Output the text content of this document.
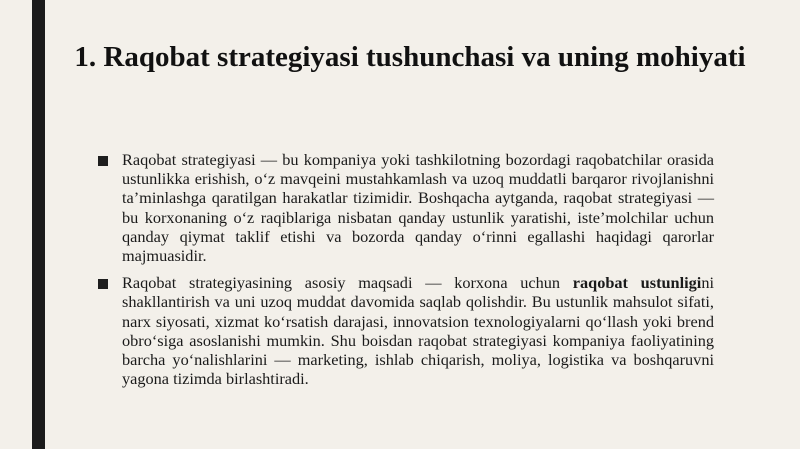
1. Raqobat strategiyasi tushunchasi va uning mohiyati
Raqobat strategiyasi — bu kompaniya yoki tashkilotning bozordagi raqobatchilar orasida ustunlikka erishish, o‘z mavqeini mustahkamlash va uzoq muddatli barqaror rivojlanishni ta’minlashga qaratilgan harakatlar tizimidir. Boshqacha aytganda, raqobat strategiyasi — bu korxonaning o‘z raqiblariga nisbatan qanday ustunlik yaratishi, iste’molchilar uchun qanday qiymat taklif etishi va bozorda qanday o‘rinni egallashi haqidagi qarorlar majmuasidir.
Raqobat strategiyasining asosiy maqsadi — korxona uchun raqobat ustunligini shakllantirish va uni uzoq muddat davomida saqlab qolishdir. Bu ustunlik mahsulot sifati, narx siyosati, xizmat ko‘rsatish darajasi, innovatsion texnologiyalarni qo‘llash yoki brend obro‘siga asoslanishi mumkin. Shu boisdan raqobat strategiyasi kompaniya faoliyatining barcha yo‘nalishlarini — marketing, ishlab chiqarish, moliya, logistika va boshqaruvni yagona tizimda birlashtiradi.
